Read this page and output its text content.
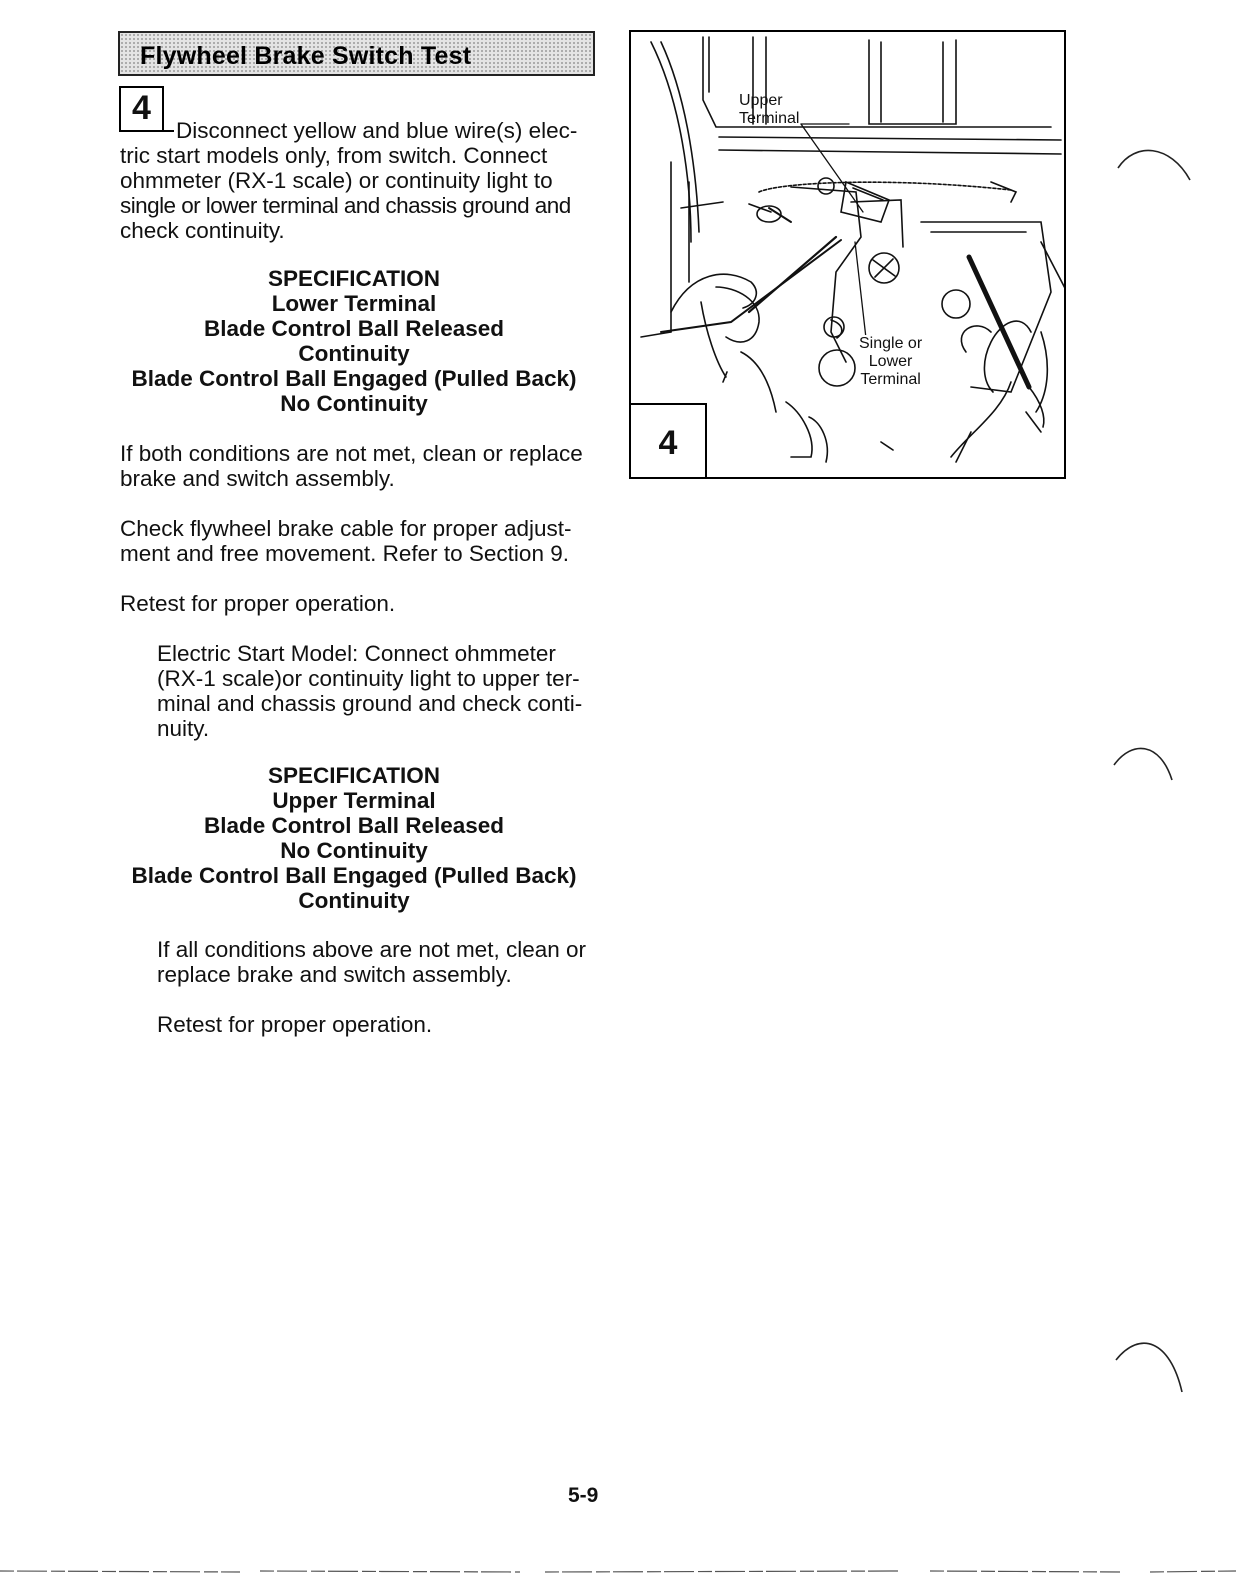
Flywheel Brake Switch Test
4

Disconnect yellow and blue wire(s) elec-

tric start models only, from switch. Connect
ohmmeter (RX-1 scale) or continuity light to
single or lower terminal and chassis ground and
check continuity.
SPECIFICATION
Lower Terminal
Blade Control Ball Released
Continuity
Blade Control Ball Engaged (Pulled Back)
No Continuity
If both conditions are not met, clean or replace
brake and switch assembly.
Check flywheel brake cable for proper adjust-
ment and free movement. Refer to Section 9.
Retest for proper operation.
Electric Start Model: Connect ohmmeter
(RX-1 scale)or continuity light to upper ter-
minal and chassis ground and check conti-
nuity.
SPECIFICATION
Upper Terminal
Blade Control Ball Released
No Continuity
Blade Control Ball Engaged (Pulled Back)
Continuity
If all conditions above are not met, clean or
replace brake and switch assembly.
Retest for proper operation.
Upper
Terminal
Single or
Lower
Terminal
4
5-9
